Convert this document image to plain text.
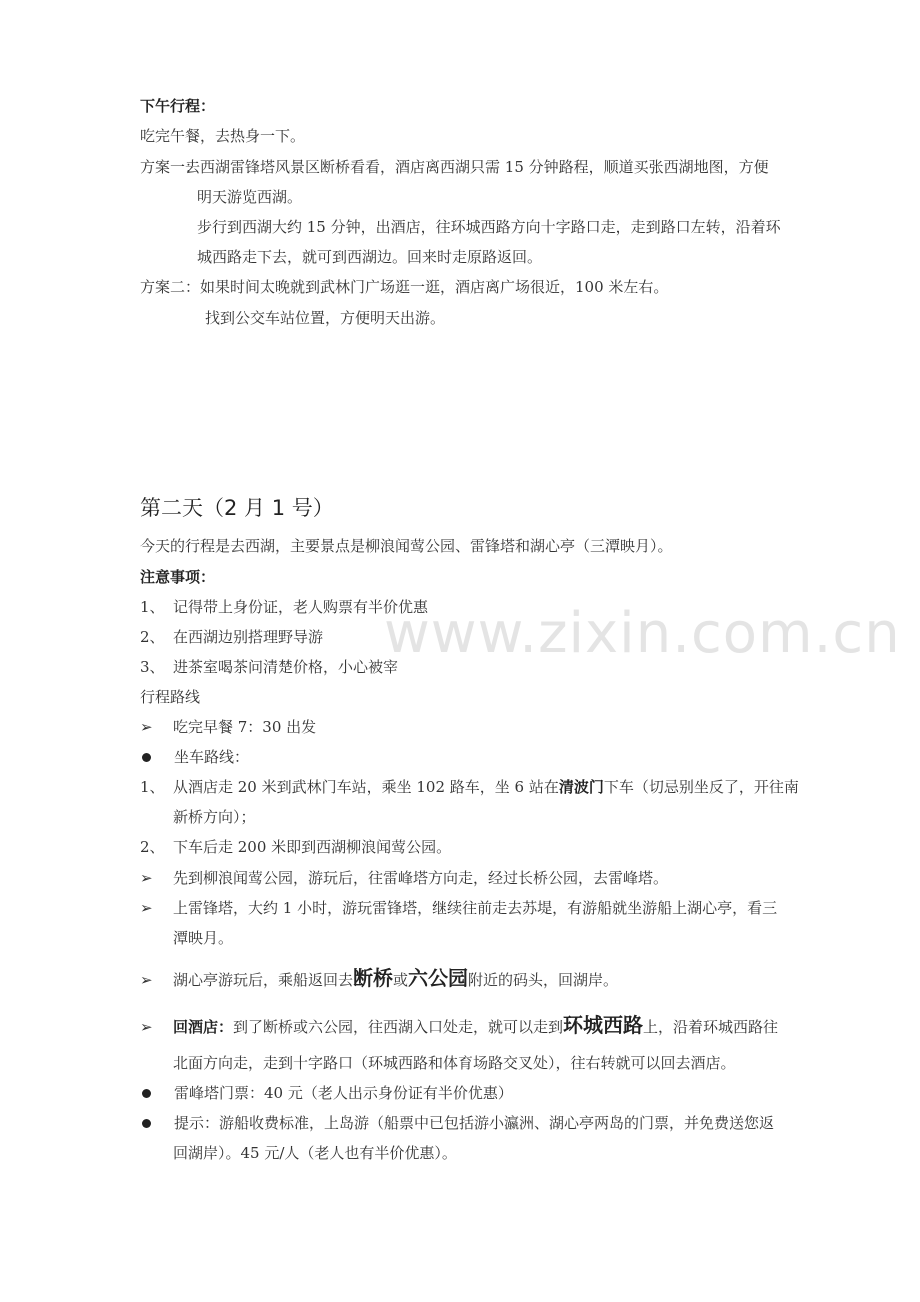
www.zixin.com.cn
下午行程：
吃完午餐，去热身一下。
方案一：去西湖雷锋塔风景区断桥看看，酒店离西湖只需 15 分钟路程，顺道买张西湖地图，方便
明天游览西湖。
步行到西湖大约 15 分钟，出酒店，往环城西路方向十字路口走，走到路口左转，沿着环
城西路走下去，就可到西湖边。回来时走原路返回。
方案二：如果时间太晚就到武林门广场逛一逛，酒店离广场很近，100 米左右。
找到公交车站位置，方便明天出游。
第二天（2 月 1 号）
今天的行程是去西湖，主要景点是柳浪闻莺公园、雷锋塔和湖心亭（三潭映月）。
注意事项：
1、 记得带上身份证，老人购票有半价优惠
2、 在西湖边别搭理野导游
3、 进茶室喝茶问清楚价格，小心被宰
行程路线
➢ 吃完早餐 7：30 出发
坐车路线：
1、 从酒店走 20 米到武林门车站，乘坐 102 路车，坐 6 站在清波门下车（切忌别坐反了，开往南
新桥方向）；
2、 下车后走 200 米即到西湖柳浪闻莺公园。
➢ 先到柳浪闻莺公园，游玩后，往雷峰塔方向走，经过长桥公园，去雷峰塔。
➢ 上雷锋塔，大约 1 小时，游玩雷锋塔，继续往前走去苏堤，有游船就坐游船上湖心亭，看三
潭映月。
➢ 湖心亭游玩后，乘船返回去断桥或六公园附近的码头，回湖岸。
➢ 回酒店：到了断桥或六公园，往西湖入口处走，就可以走到环城西路上，沿着环城西路往
北面方向走，走到十字路口（环城西路和体育场路交叉处），往右转就可以回去酒店。
雷峰塔门票：40 元（老人出示身份证有半价优惠）
提示：游船收费标准，上岛游（船票中已包括游小瀛洲、湖心亭两岛的门票，并免费送您返
回湖岸）。45 元/人（老人也有半价优惠）。
